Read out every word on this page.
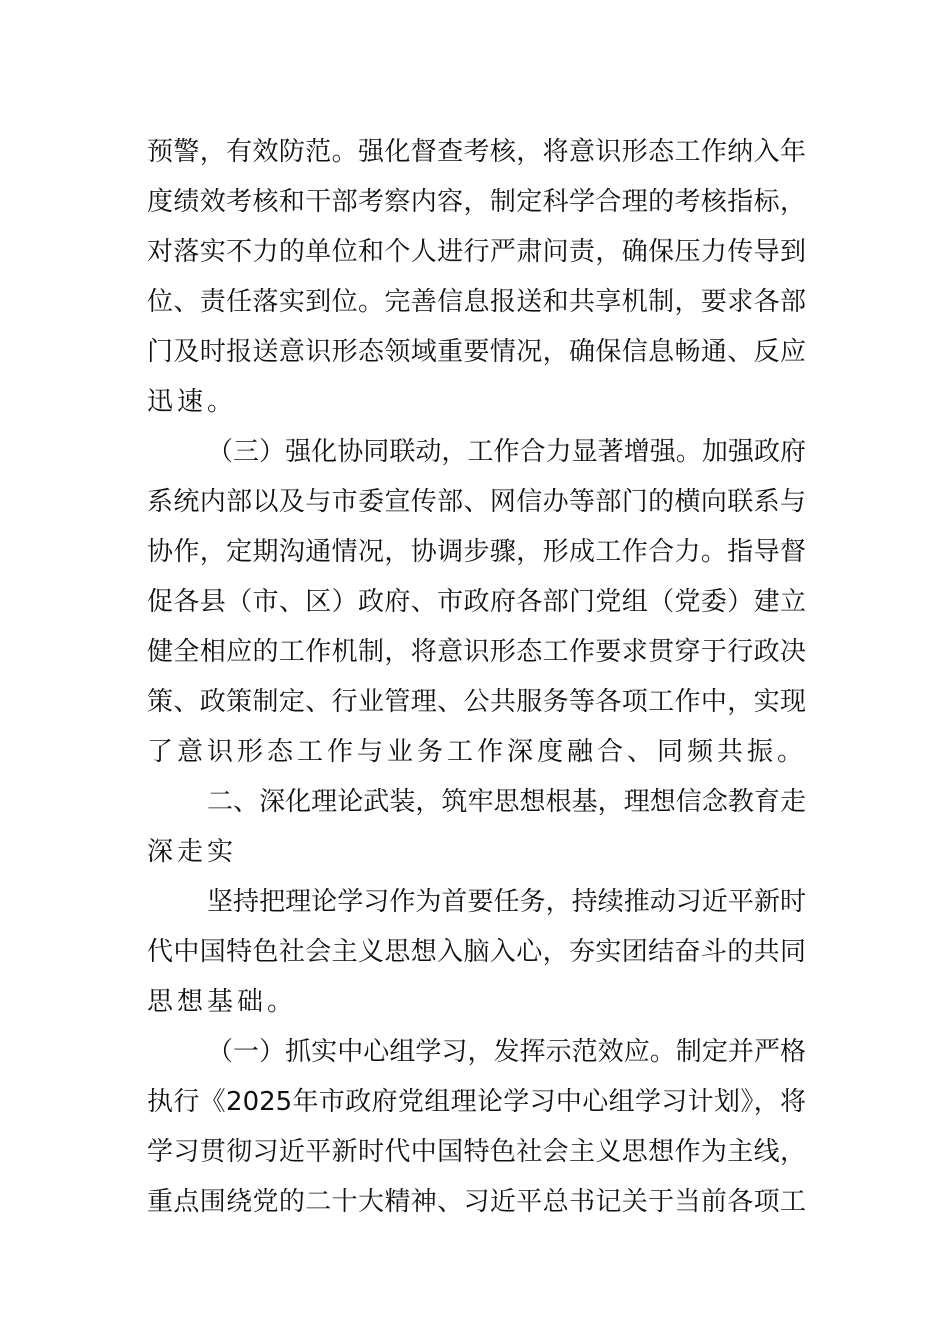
预警，有效防范。强化督查考核，将意识形态工作纳入年
度绩效考核和干部考察内容，制定科学合理的考核指标，
对落实不力的单位和个人进行严肃问责，确保压力传导到
位、责任落实到位。完善信息报送和共享机制，要求各部
门及时报送意识形态领域重要情况，确保信息畅通、反应
迅速。
（三）强化协同联动，工作合力显著增强。加强政府
系统内部以及与市委宣传部、网信办等部门的横向联系与
协作，定期沟通情况，协调步骤，形成工作合力。指导督
促各县（市、区）政府、市政府各部门党组（党委）建立
健全相应的工作机制，将意识形态工作要求贯穿于行政决
策、政策制定、行业管理、公共服务等各项工作中，实现
了意识形态工作与业务工作深度融合、同频共振。
二、深化理论武装，筑牢思想根基，理想信念教育走
深走实
坚持把理论学习作为首要任务，持续推动习近平新时
代中国特色社会主义思想入脑入心，夯实团结奋斗的共同
思想基础。
（一）抓实中心组学习，发挥示范效应。制定并严格
执行《2025年市政府党组理论学习中心组学习计划》，将
学习贯彻习近平新时代中国特色社会主义思想作为主线，
重点围绕党的二十大精神、习近平总书记关于当前各项工
